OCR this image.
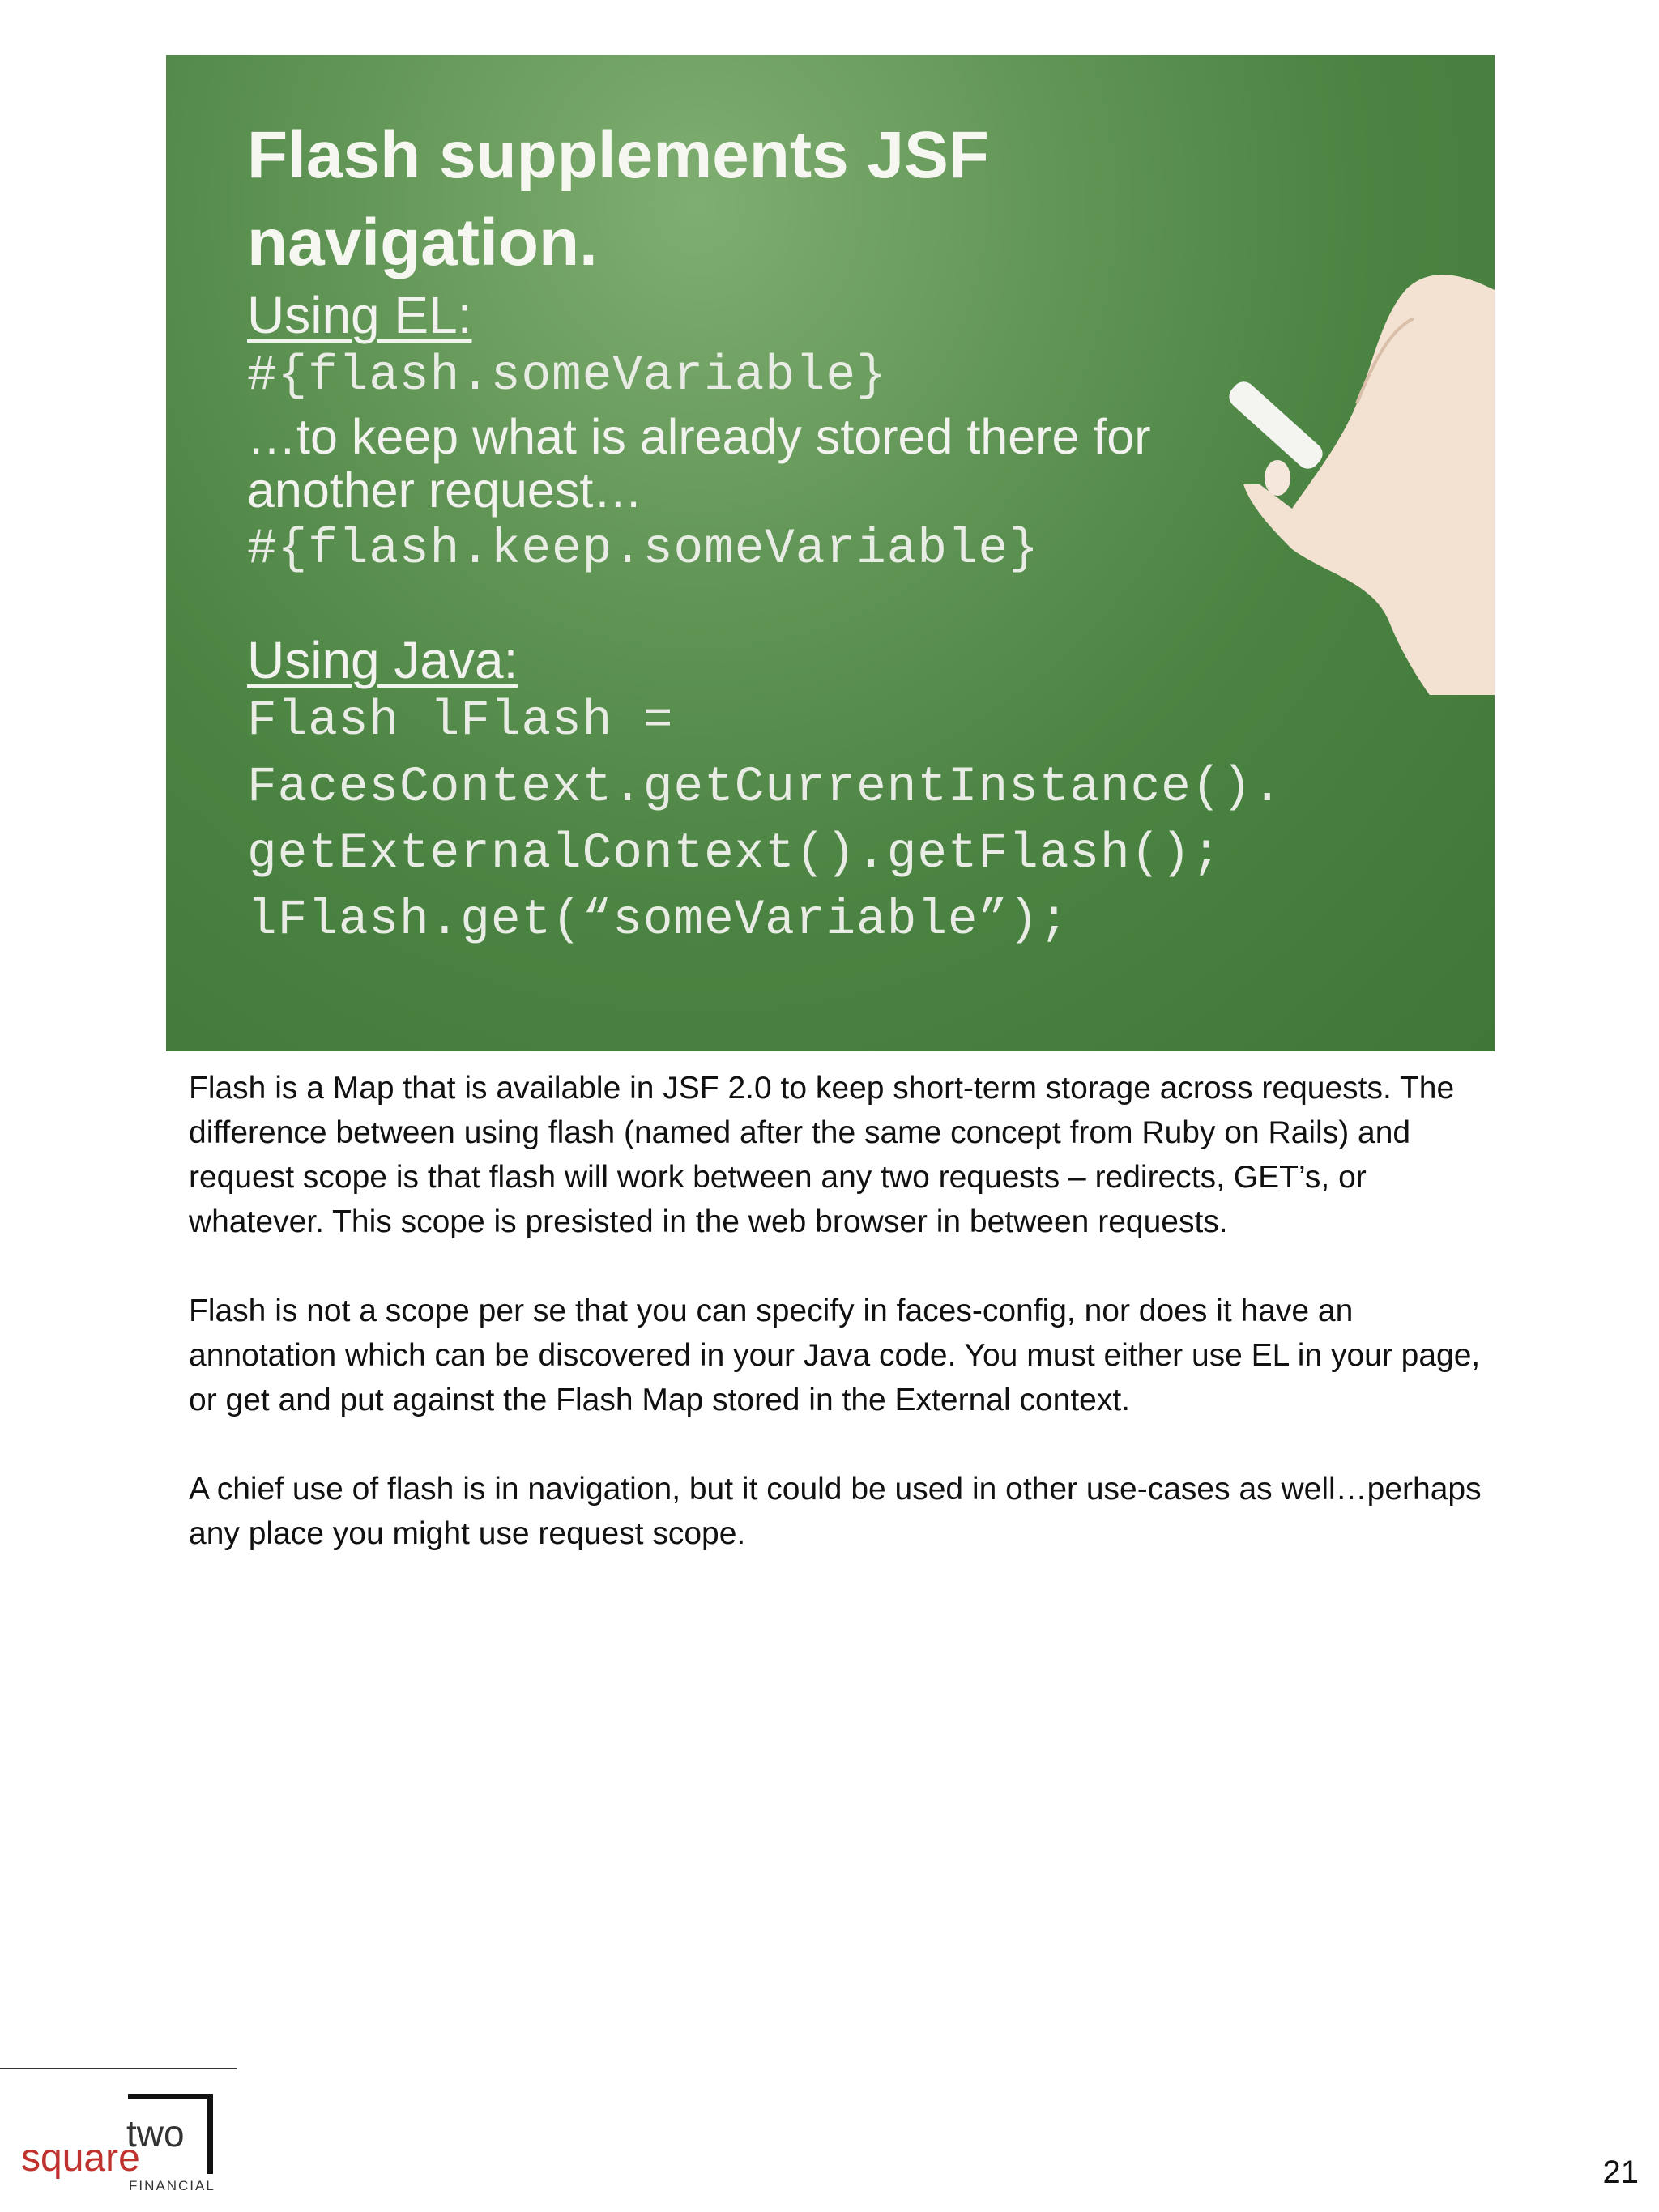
Flash supplements JSF
navigation.
Using EL:
#{flash.someVariable}
…to keep what is already stored there for
another request…
#{flash.keep.someVariable}
Using Java:
Flash lFlash =
FacesContext.getCurrentInstance().
getExternalContext().getFlash();
lFlash.get(“someVariable”);

Flash is a Map that is available in JSF 2.0 to keep short-term storage across requests. The difference between using flash (named after the same concept from Ruby on Rails) and request scope is that flash will work between any two requests – redirects, GET’s, or whatever. This scope is presisted in the web browser in between requests.

Flash is not a scope per se that you can specify in faces-config, nor does it have an annotation which can be discovered in your Java code. You must either use EL in your page, or get and put against the Flash Map stored in the External context.

A chief use of flash is in navigation, but it could be used in other use-cases as well…perhaps any place you might use request scope.

square
two
FINANCIAL	21
